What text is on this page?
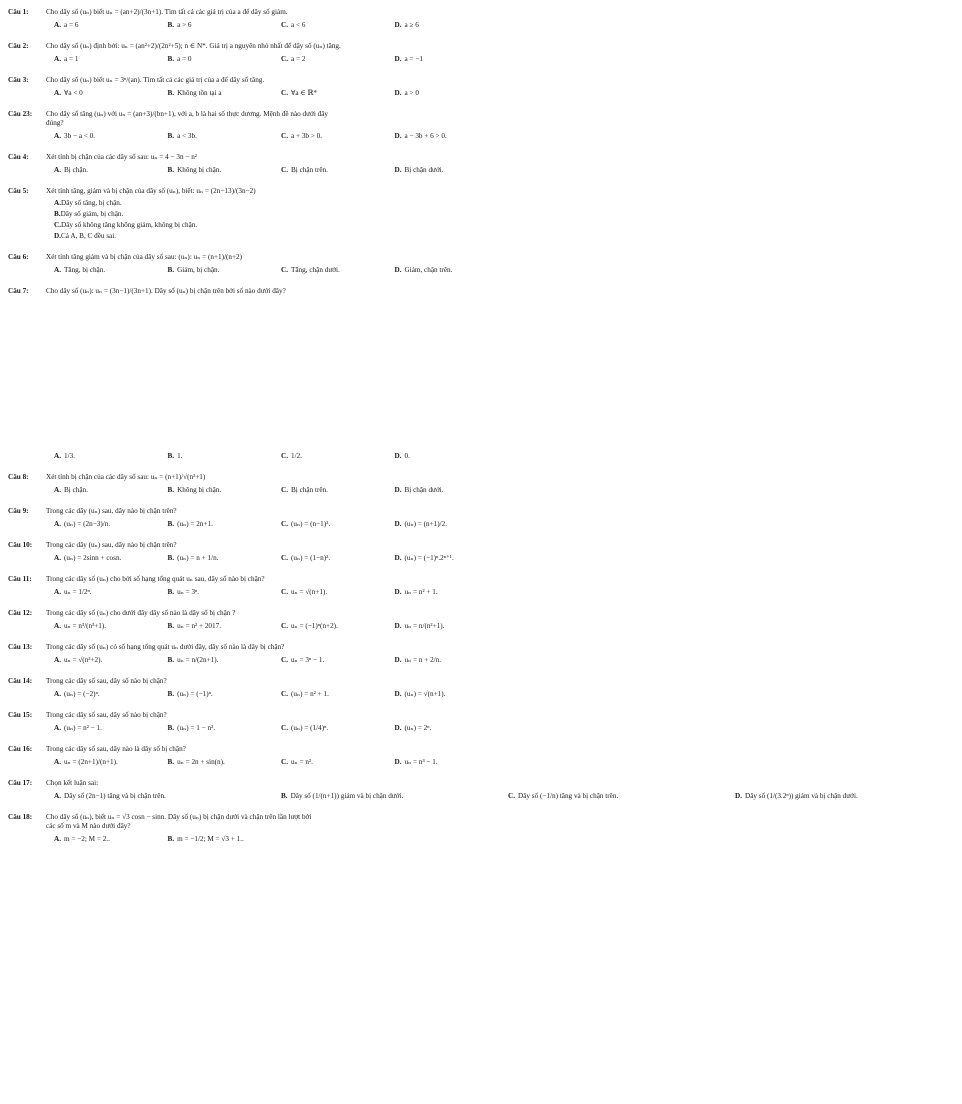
Câu 1:	Cho dãy số (uₙ) biết uₙ = (an+2)/(3n+1). Tìm tất cả các giá trị của a để dãy số giảm.
A. a = 6	B. a > 6	C. a < 6	D. a ≥ 6
Câu 2:	Cho dãy số (uₙ) định bởi: uₙ = (an²+2)/(2n²+5); n ∈ N*. Giá trị a nguyên nhỏ nhất để dãy số (uₙ) tăng.
A. a = 1	B. a = 0	C. a = 2	D. a = −1
Câu 3:	Cho dãy số (uₙ) biết uₙ = 3ⁿ/(an). Tìm tất cả các giá trị của a để dãy số tăng.
A. ∀a < 0	B. Không tồn tại a	C. ∀a ∈ ℝ*	D. a > 0
Câu 23:	Cho dãy số tăng (uₙ) với uₙ = (an+3)/(bn+1), với a, b là hai số thực dương. Mệnh đề nào dưới đây
đúng?
A. 3b − a < 0.	B. a < 3b.	C. a + 3b > 0.	D. a − 3b + 6 > 0.
Câu 4:	Xét tính bị chặn của các dãy số sau: uₙ = 4 − 3n − n²
A. Bị chặn.	B. Không bị chặn.	C. Bị chặn trên.	D. Bị chặn dưới.
Câu 5:	Xét tính tăng, giảm và bị chặn của dãy số (uₙ), biết: uₙ = (2n−13)/(3n−2)
A.Dãy số tăng, bị chặn.
B.Dãy số giảm, bị chặn.
C.Dãy số không tăng không giảm, không bị chặn.
D.Cả A, B, C đều sai.
Câu 6:	Xét tính tăng giảm và bị chặn của dãy số sau: (uₙ): uₙ = (n+1)/(n+2)
A. Tăng, bị chặn.	B. Giảm, bị chặn.	C. Tăng, chặn dưới.	D. Giảm, chặn trên.
Câu 7:	Cho dãy số (uₙ): uₙ = (3n−1)/(3n+1). Dãy số (uₙ) bị chặn trên bởi số nào dưới đây?
A. 1/3.	B. 1.	C. 1/2.	D. 0.
Câu 8:	Xét tính bị chặn của các dãy số sau: uₙ = (n+1)/√(n²+1)
A. Bị chặn.	B. Không bị chặn.	C. Bị chặn trên.	D. Bị chặn dưới.
Câu 9:	Trong các dãy (uₙ) sau, dãy nào bị chặn trên?
A. (uₙ) = (2n−3)/n.	B. (uₙ) = 2n+1.	C. (uₙ) = (n−1)².	D. (uₙ) = (n+1)/2.
Câu 10:	Trong các dãy (uₙ) sau, dãy nào bị chặn trên?
A. (uₙ) = 2sinn + cosn.	B. (uₙ) = n + 1/n.	C. (uₙ) = (1−n)².	D. (uₙ) = (−1)ⁿ.2ⁿ⁺¹.
Câu 11:	Trong các dãy số (uₙ) cho bởi số hạng tổng quát uₙ sau, dãy số nào bị chặn?
A. uₙ = 1/2ⁿ.	B. uₙ = 3ⁿ.	C. uₙ = √(n+1).	D. uₙ = n² + 1.
Câu 12:	Trong các dãy số (uₙ) cho dưới đây dãy số nào là dãy số bị chặn ?
A. uₙ = n³/(n³+1).	B. uₙ = n² + 2017.	C. uₙ = (−1)ⁿ(n+2).	D. uₙ = n/(n²+1).
Câu 13:	Trong các dãy số (uₙ) có số hạng tổng quát uₙ dưới đây, dãy số nào là dãy bị chặn?
A. uₙ = √(n²+2).	B. uₙ = n/(2n+1).	C. uₙ = 3ⁿ − 1.	D. uₙ = n + 2/n.
Câu 14:	Trong các dãy số sau, dãy số nào bị chặn?
A. (uₙ) = (−2)ⁿ.	B. (uₙ) = (−1)ⁿ.	C. (uₙ) = n² + 1.	D. (uₙ) = √(n+1).
Câu 15:	Trong các dãy số sau, dãy số nào bị chặn?
A. (uₙ) = n² − 1.	B. (uₙ) = 1 − n².	C. (uₙ) = (1/4)ⁿ.	D. (uₙ) = 2ⁿ.
Câu 16:	Trong các dãy số sau, dãy nào là dãy số bị chặn?
A. uₙ = (2n+1)/(n+1).	B. uₙ = 2n + sin(n).	C. uₙ = n².	D. uₙ = n³ − 1.
Câu 17:	Chọn kết luận sai:
A. Dãy số (2n−1) tăng và bị chặn trên.	B. Dãy số (1/(n+1)) giảm và bị chặn dưới.	C. Dãy số (−1/n) tăng và bị chặn trên.	D. Dãy số (1/(3.2ⁿ)) giảm và bị chặn dưới.
Câu 18:	Cho dãy số (uₙ), biết uₙ = √3 cosn − sinn. Dãy số (uₙ) bị chặn dưới và chặn trên lần lượt bởi
các số m và M nào dưới đây?
A. m = −2; M = 2..	B. m = −1/2; M = √3 + 1..
